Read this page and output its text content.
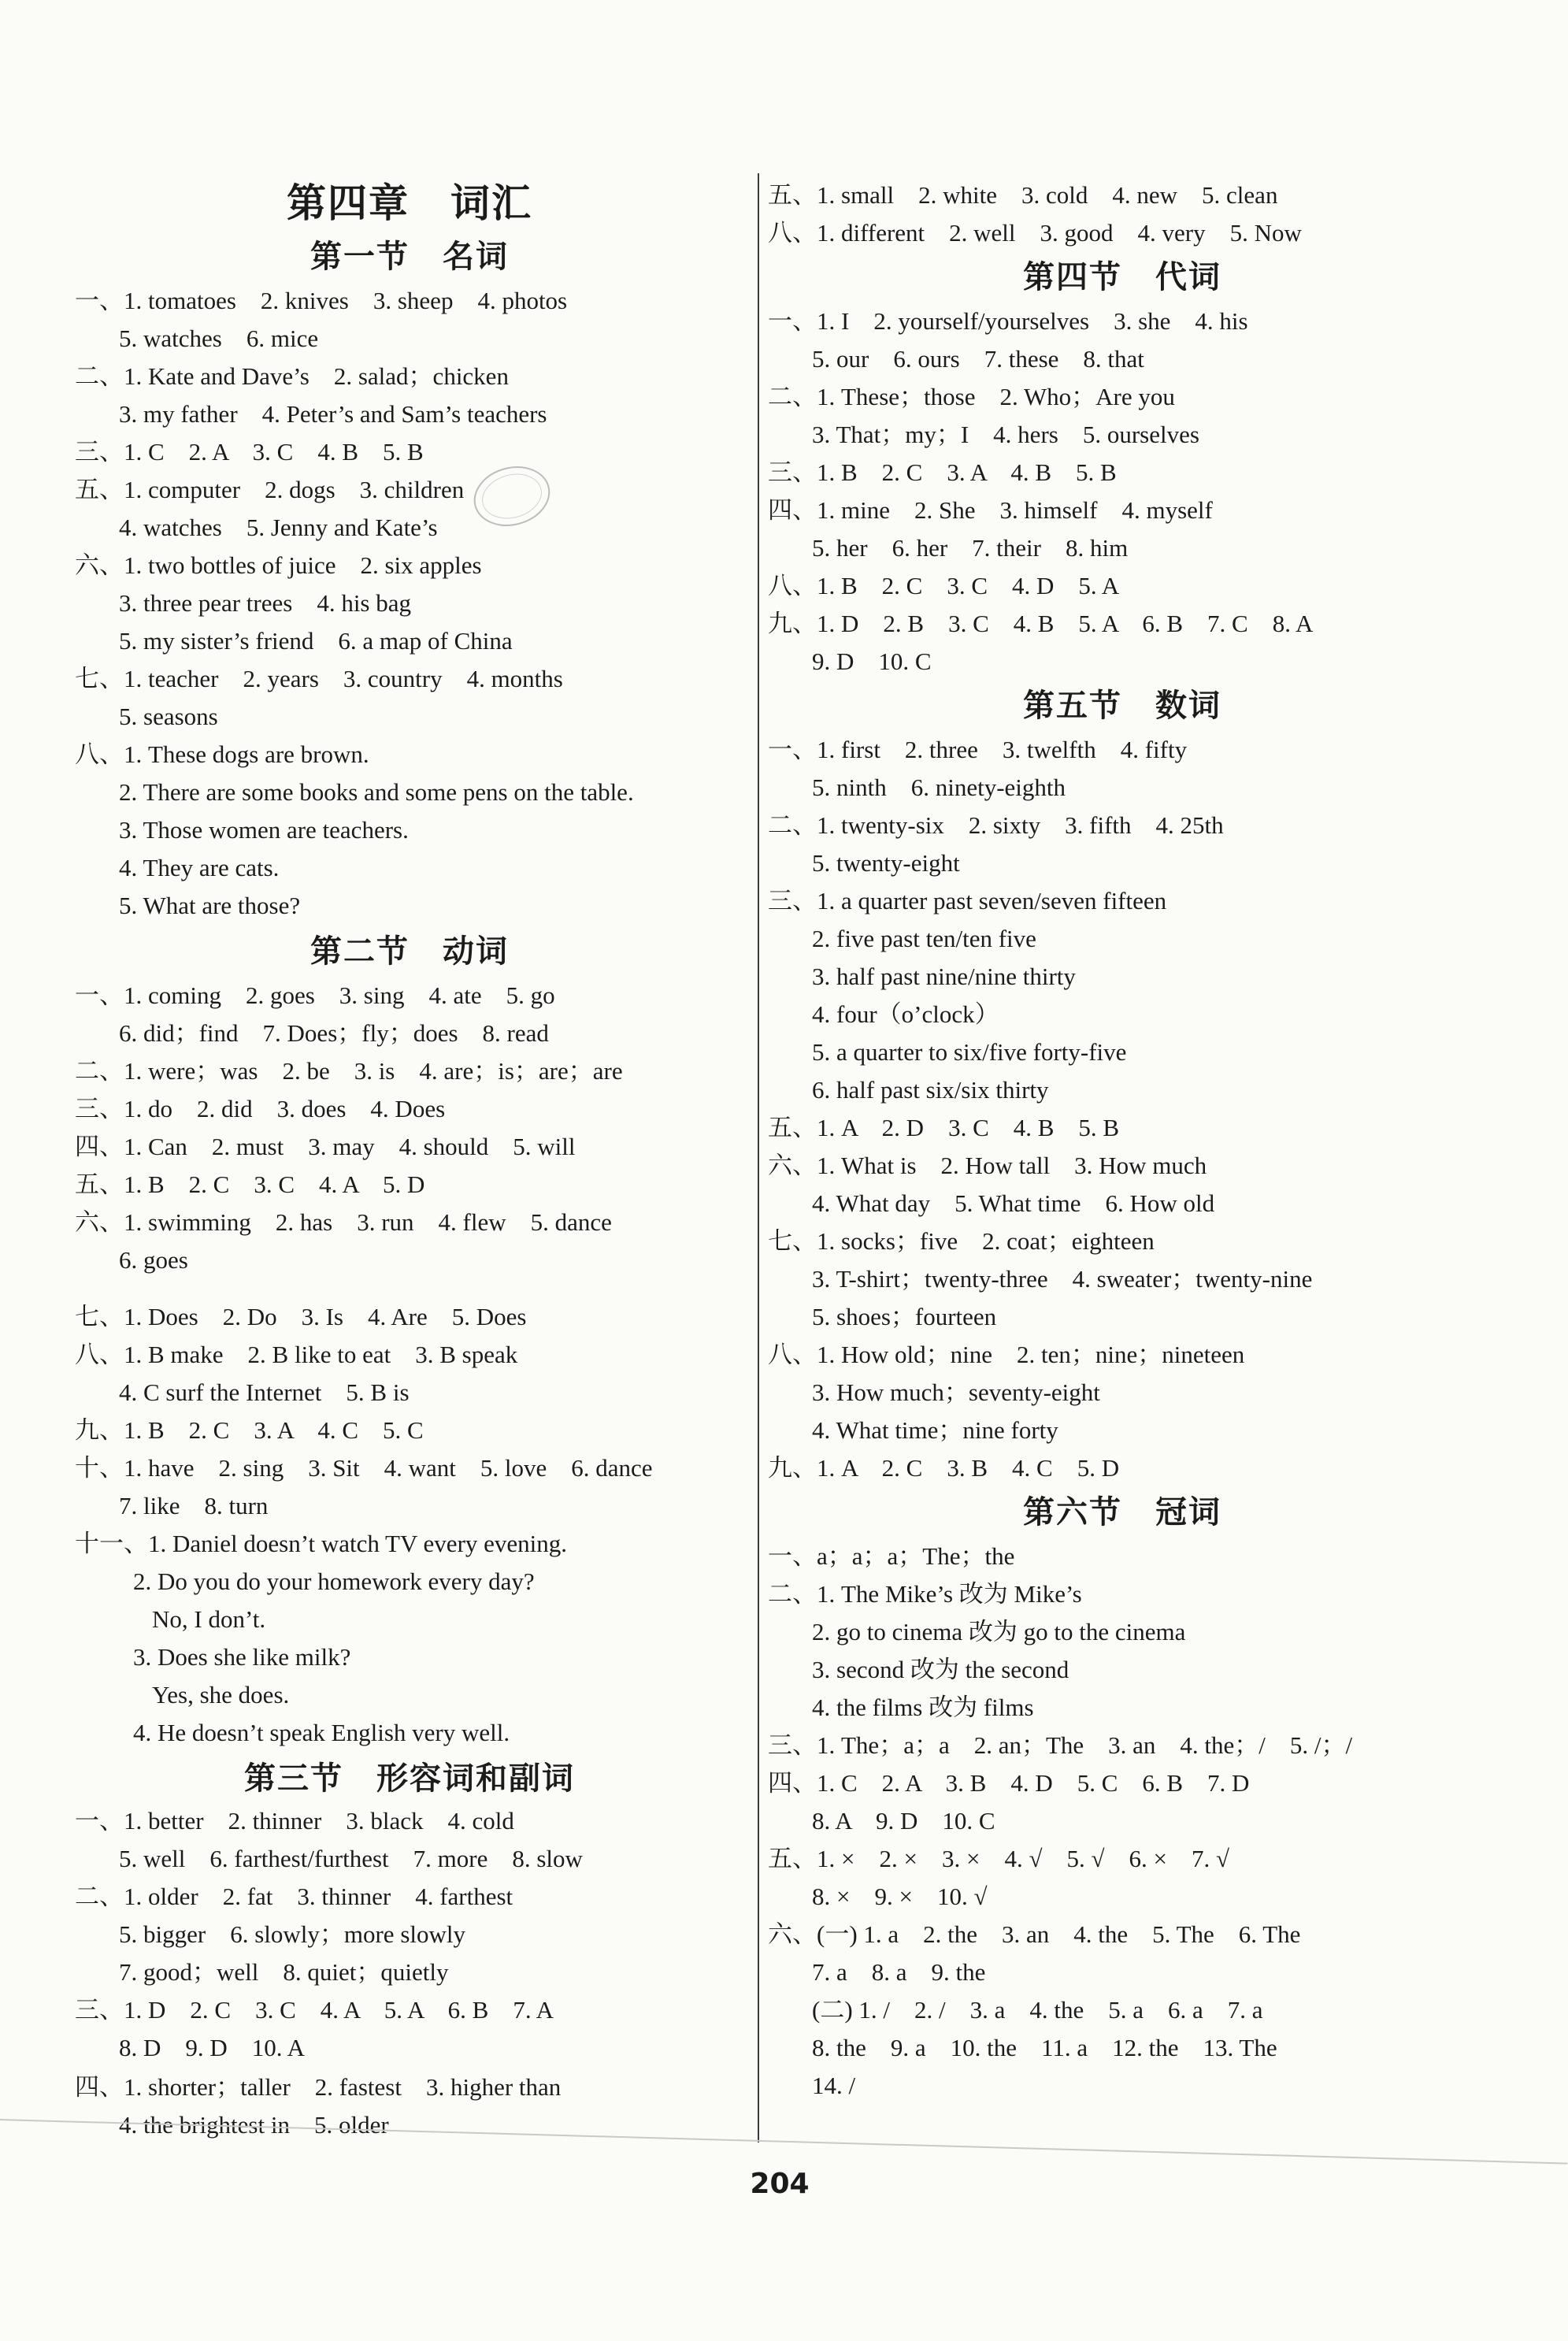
第四章　词汇
第一节　名词
一、1. tomatoes　2. knives　3. sheep　4. photos
5. watches　6. mice
二、1. Kate and Dave’s　2. salad；chicken
3. my father　4. Peter’s and Sam’s teachers
三、1. C　2. A　3. C　4. B　5. B
五、1. computer　2. dogs　3. children
4. watches　5. Jenny and Kate’s
六、1. two bottles of juice　2. six apples
3. three pear trees　4. his bag
5. my sister’s friend　6. a map of China
七、1. teacher　2. years　3. country　4. months
5. seasons
八、1. These dogs are brown.
2. There are some books and some pens on the table.
3. Those women are teachers.
4. They are cats.
5. What are those?
第二节　动词
一、1. coming　2. goes　3. sing　4. ate　5. go
6. did；find　7. Does；fly；does　8. read
二、1. were；was　2. be　3. is　4. are；is；are；are
三、1. do　2. did　3. does　4. Does
四、1. Can　2. must　3. may　4. should　5. will
五、1. B　2. C　3. C　4. A　5. D
六、1. swimming　2. has　3. run　4. flew　5. dance
6. goes
七、1. Does　2. Do　3. Is　4. Are　5. Does
八、1. B make　2. B like to eat　3. B speak
4. C surf the Internet　5. B is
九、1. B　2. C　3. A　4. C　5. C
十、1. have　2. sing　3. Sit　4. want　5. love　6. dance
7. like　8. turn
十一、1. Daniel doesn’t watch TV every evening.
2. Do you do your homework every day?
No, I don’t.
3. Does she like milk?
Yes, she does.
4. He doesn’t speak English very well.
第三节　形容词和副词
一、1. better　2. thinner　3. black　4. cold
5. well　6. farthest/furthest　7. more　8. slow
二、1. older　2. fat　3. thinner　4. farthest
5. bigger　6. slowly；more slowly
7. good；well　8. quiet；quietly
三、1. D　2. C　3. C　4. A　5. A　6. B　7. A
8. D　9. D　10. A
四、1. shorter；taller　2. fastest　3. higher than
4. the brightest in　5. older
五、1. small　2. white　3. cold　4. new　5. clean
八、1. different　2. well　3. good　4. very　5. Now
第四节　代词
一、1. I　2. yourself/yourselves　3. she　4. his
5. our　6. ours　7. these　8. that
二、1. These；those　2. Who；Are you
3. That；my；I　4. hers　5. ourselves
三、1. B　2. C　3. A　4. B　5. B
四、1. mine　2. She　3. himself　4. myself
5. her　6. her　7. their　8. him
八、1. B　2. C　3. C　4. D　5. A
九、1. D　2. B　3. C　4. B　5. A　6. B　7. C　8. A
9. D　10. C
第五节　数词
一、1. first　2. three　3. twelfth　4. fifty
5. ninth　6. ninety-eighth
二、1. twenty-six　2. sixty　3. fifth　4. 25th
5. twenty-eight
三、1. a quarter past seven/seven fifteen
2. five past ten/ten five
3. half past nine/nine thirty
4. four（o’clock）
5. a quarter to six/five forty-five
6. half past six/six thirty
五、1. A　2. D　3. C　4. B　5. B
六、1. What is　2. How tall　3. How much
4. What day　5. What time　6. How old
七、1. socks；five　2. coat；eighteen
3. T-shirt；twenty-three　4. sweater；twenty-nine
5. shoes；fourteen
八、1. How old；nine　2. ten；nine；nineteen
3. How much；seventy-eight
4. What time；nine forty
九、1. A　2. C　3. B　4. C　5. D
第六节　冠词
一、a；a；a；The；the
二、1. The Mike’s 改为 Mike’s
2. go to cinema 改为 go to the cinema
3. second 改为 the second
4. the films 改为 films
三、1. The；a；a　2. an；The　3. an　4. the；/　5. /；/
四、1. C　2. A　3. B　4. D　5. C　6. B　7. D
8. A　9. D　10. C
五、1. ×　2. ×　3. ×　4. √　5. √　6. ×　7. √
8. ×　9. ×　10. √
六、(一) 1. a　2. the　3. an　4. the　5. The　6. The
7. a　8. a　9. the
(二) 1. /　2. /　3. a　4. the　5. a　6. a　7. a
8. the　9. a　10. the　11. a　12. the　13. The
14. /
204
